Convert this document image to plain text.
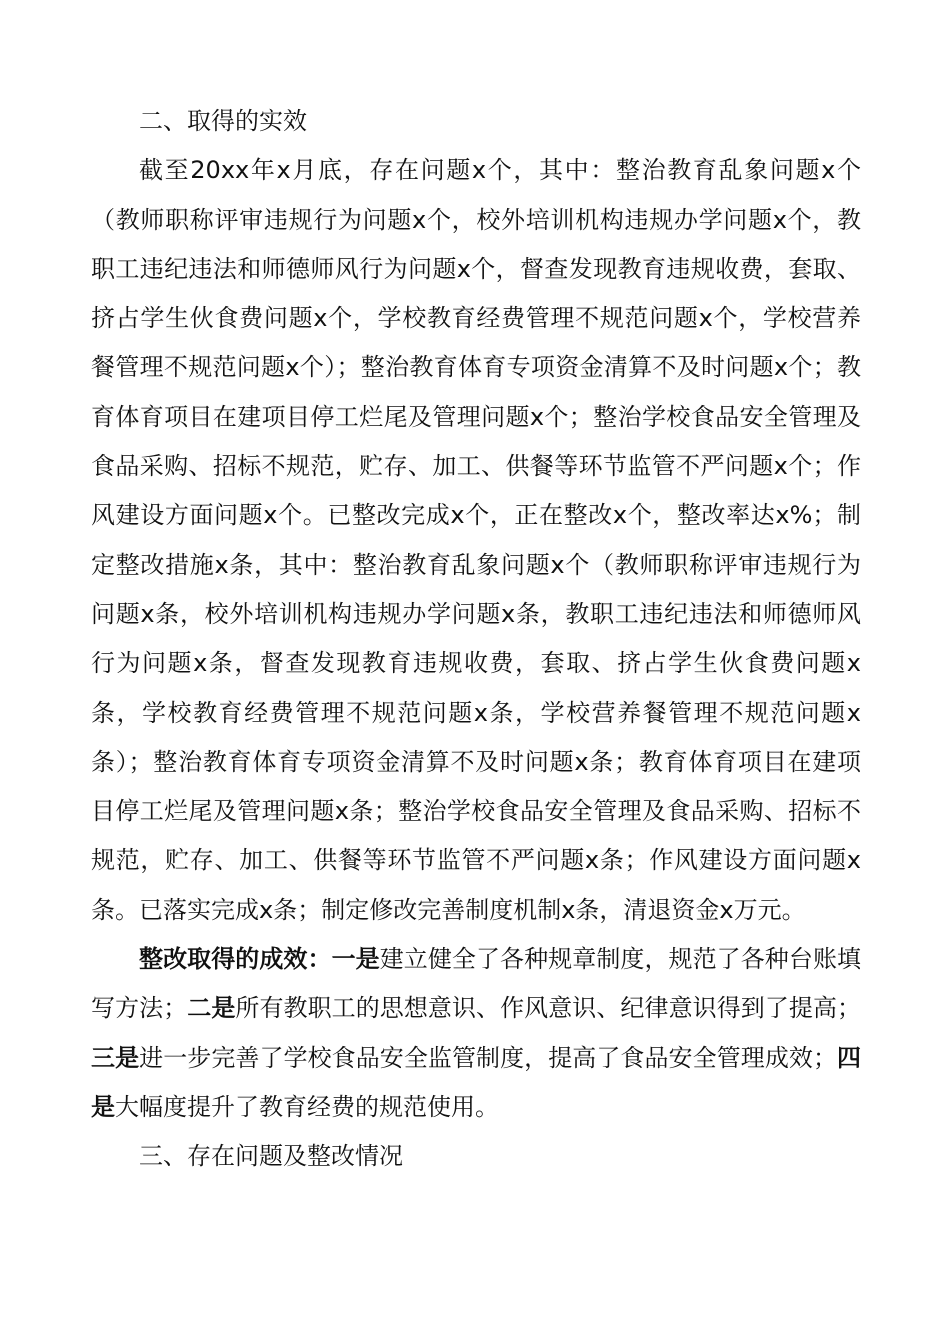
二、取得的实效

截至20xx年x月底，存在问题x个，其中：整治教育乱象问题x个（教师职称评审违规行为问题x个，校外培训机构违规办学问题x个，教职工违纪违法和师德师风行为问题x个，督查发现教育违规收费，套取、挤占学生伙食费问题x个，学校教育经费管理不规范问题x个，学校营养餐管理不规范问题x个）；整治教育体育专项资金清算不及时问题x个；教育体育项目在建项目停工烂尾及管理问题x个；整治学校食品安全管理及食品采购、招标不规范，贮存、加工、供餐等环节监管不严问题x个；作风建设方面问题x个。已整改完成x个，正在整改x个，整改率达x%；制定整改措施x条，其中：整治教育乱象问题x个（教师职称评审违规行为问题x条，校外培训机构违规办学问题x条，教职工违纪违法和师德师风行为问题x条，督查发现教育违规收费，套取、挤占学生伙食费问题x条，学校教育经费管理不规范问题x条，学校营养餐管理不规范问题x条）；整治教育体育专项资金清算不及时问题x条；教育体育项目在建项目停工烂尾及管理问题x条；整治学校食品安全管理及食品采购、招标不规范，贮存、加工、供餐等环节监管不严问题x条；作风建设方面问题x条。已落实完成x条；制定修改完善制度机制x条，清退资金x万元。

整改取得的成效：一是建立健全了各种规章制度，规范了各种台账填写方法；二是所有教职工的思想意识、作风意识、纪律意识得到了提高；三是进一步完善了学校食品安全监管制度，提高了食品安全管理成效；四是大幅度提升了教育经费的规范使用。

三、存在问题及整改情况
